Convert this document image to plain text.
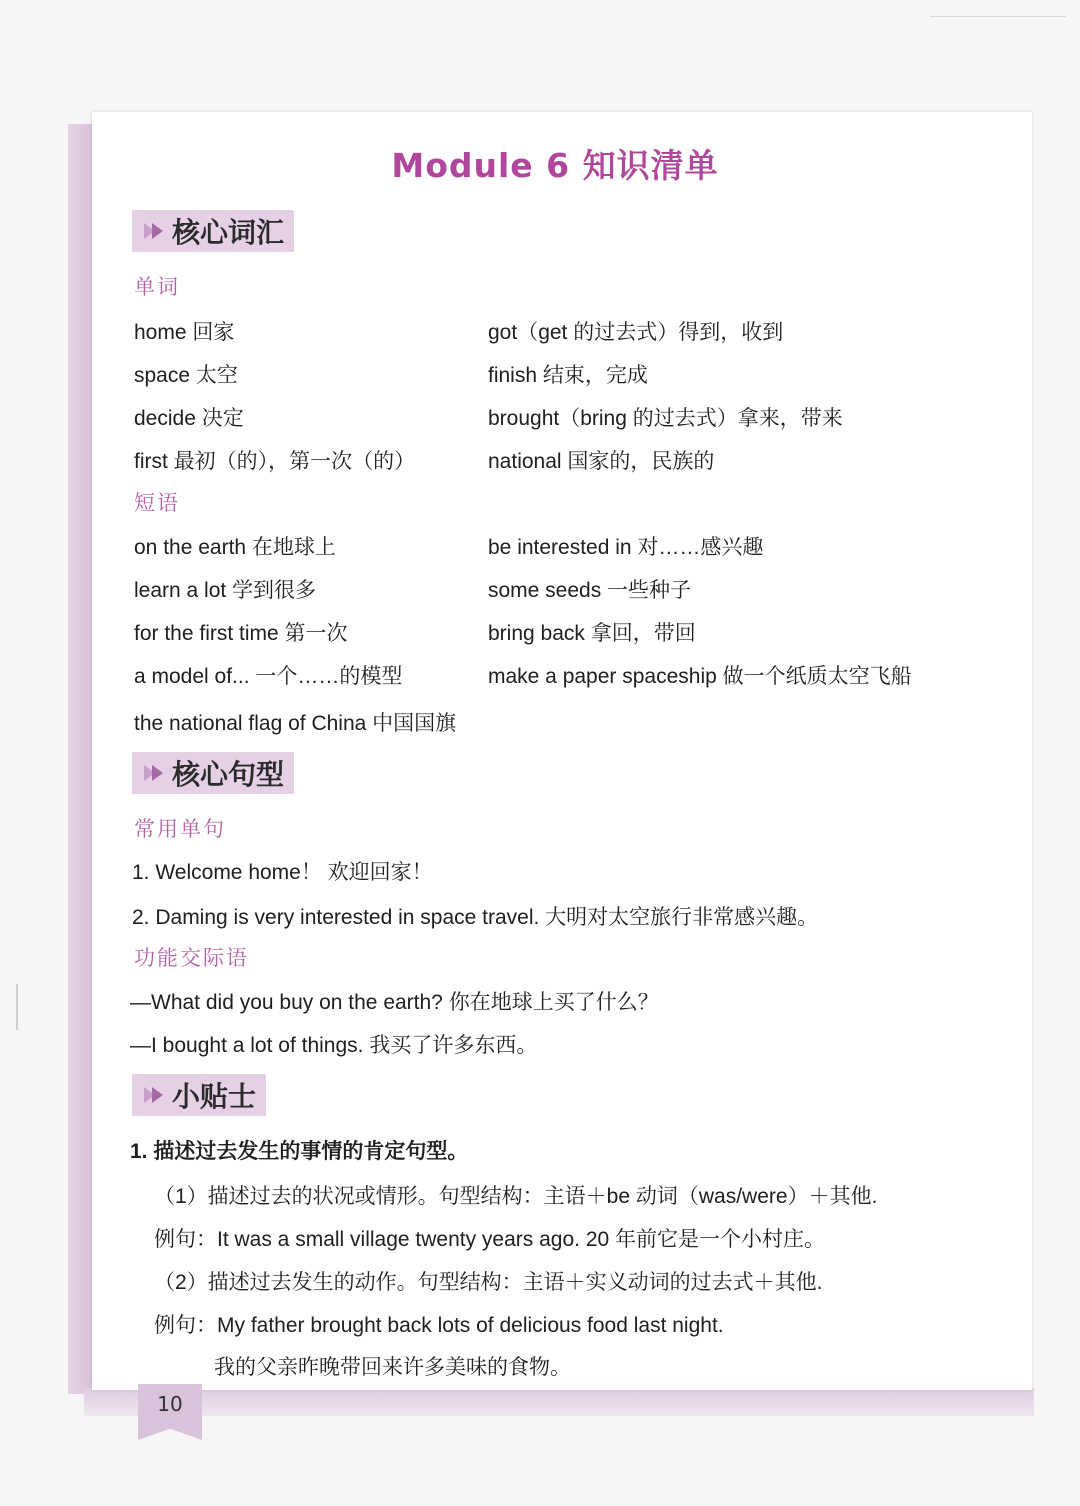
Module 6 知识清单
核心词汇
单词
home 回家	got（get 的过去式）得到，收到
space 太空	finish 结束，完成
decide 决定	brought（bring 的过去式）拿来，带来
first 最初（的），第一次（的）	national 国家的，民族的
短语
on the earth 在地球上	be interested in 对……感兴趣
learn a lot 学到很多	some seeds 一些种子
for the first time 第一次	bring back 拿回，带回
a model of... 一个……的模型	make a paper spaceship 做一个纸质太空飞船
the national flag of China 中国国旗
核心句型
常用单句
1. Welcome home！ 欢迎回家！
2. Daming is very interested in space travel. 大明对太空旅行非常感兴趣。
功能交际语
—What did you buy on the earth? 你在地球上买了什么？
—I bought a lot of things. 我买了许多东西。
小贴士
1. 描述过去发生的事情的肯定句型。
（1）描述过去的状况或情形。句型结构：主语＋be 动词（was/were）＋其他.
例句：It was a small village twenty years ago. 20 年前它是一个小村庄。
（2）描述过去发生的动作。句型结构：主语＋实义动词的过去式＋其他.
例句：My father brought back lots of delicious food last night.
我的父亲昨晚带回来许多美味的食物。
10
